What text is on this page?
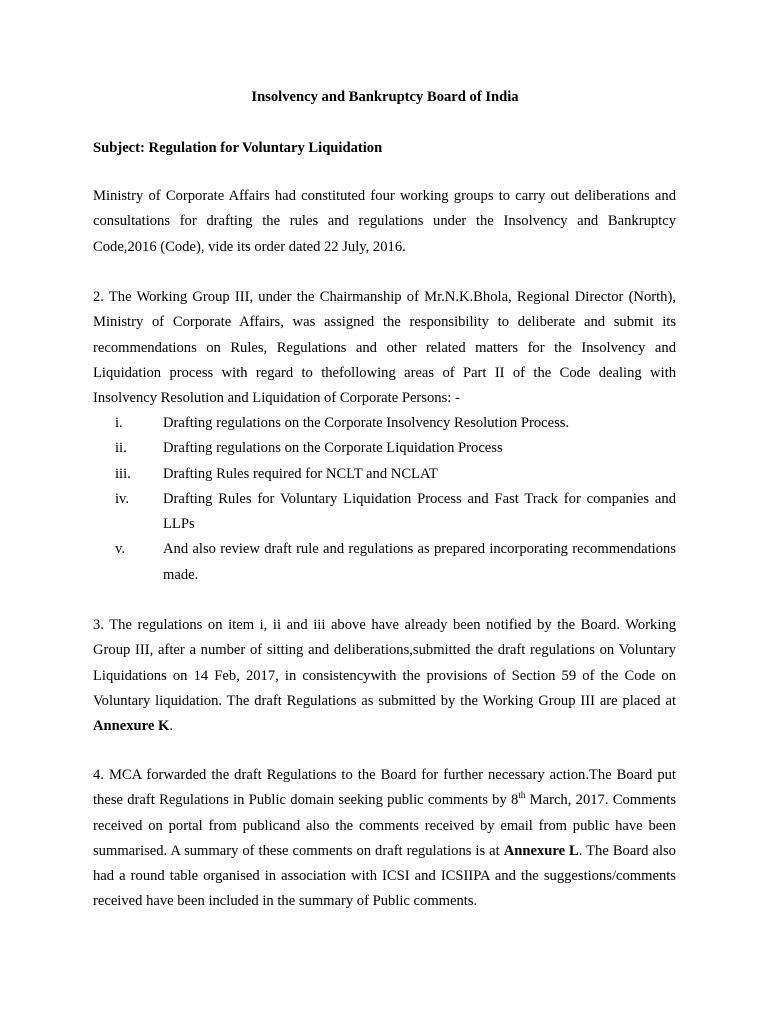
Insolvency and Bankruptcy Board of India
Subject: Regulation for Voluntary Liquidation
Ministry of Corporate Affairs had constituted four working groups to carry out deliberations and consultations for drafting the rules and regulations under the Insolvency and Bankruptcy Code,2016 (Code), vide its order dated 22 July, 2016.
2. The Working Group III, under the Chairmanship of Mr.N.K.Bhola, Regional Director (North), Ministry of Corporate Affairs, was assigned the responsibility to deliberate and submit its recommendations on Rules, Regulations and other related matters for the Insolvency and Liquidation process with regard to thefollowing areas of Part II of the Code dealing with Insolvency Resolution and Liquidation of Corporate Persons: -
i.	Drafting regulations on the Corporate Insolvency Resolution Process.
ii. Drafting regulations on the Corporate Liquidation Process
iii. Drafting Rules required for NCLT and NCLAT
iv. Drafting Rules for Voluntary Liquidation Process and Fast Track for companies and LLPs
v.	And also review draft rule and regulations as prepared incorporating recommendations made.
3. The regulations on item i, ii and iii above have already been notified by the Board. Working Group III, after a number of sitting and deliberations,submitted the draft regulations on Voluntary Liquidations on 14 Feb, 2017, in consistencywith the provisions of Section 59 of the Code on Voluntary liquidation. The draft Regulations as submitted by the Working Group III are placed at Annexure K.
4. MCA forwarded the draft Regulations to the Board for further necessary action.The Board put these draft Regulations in Public domain seeking public comments by 8th March, 2017. Comments received on portal from publicand also the comments received by email from public have been summarised. A summary of these comments on draft regulations is at Annexure L. The Board also had a round table organised in association with ICSI and ICSIIPA and the suggestions/comments received have been included in the summary of Public comments.
